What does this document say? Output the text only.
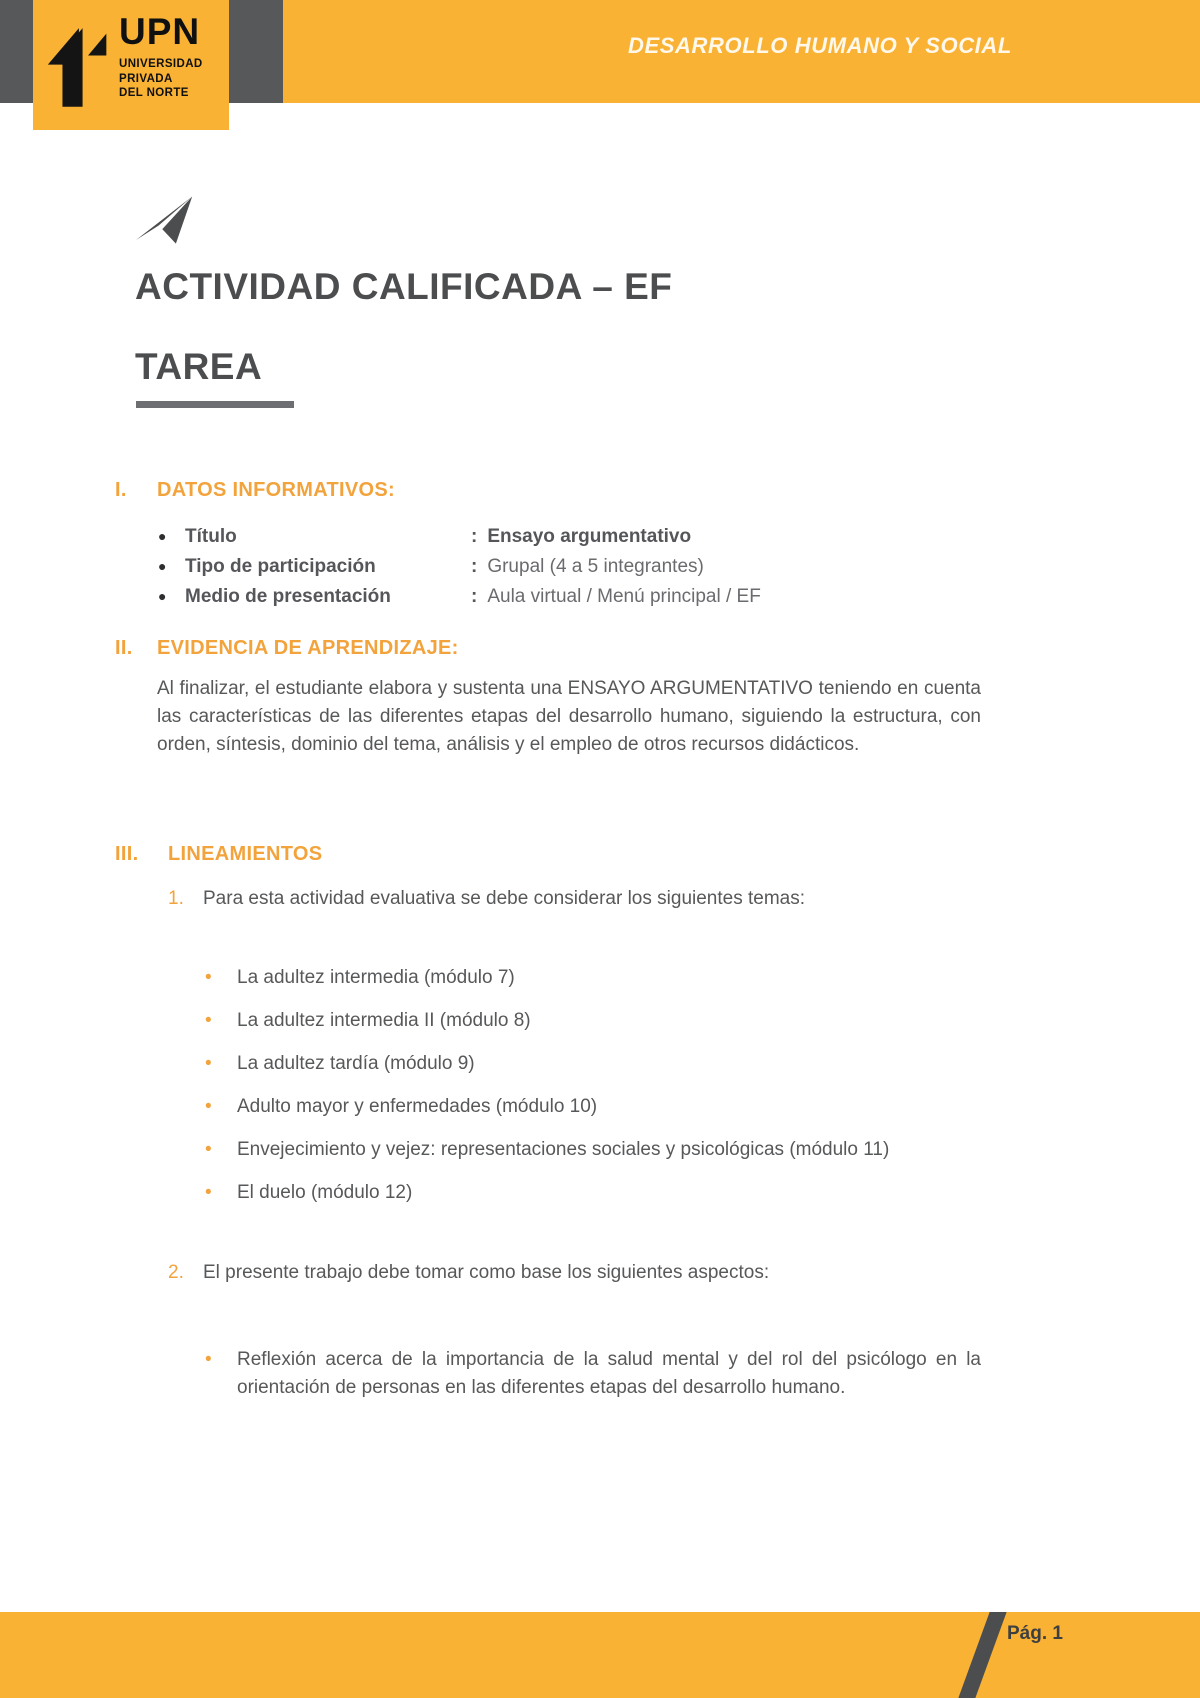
DESARROLLO HUMANO Y SOCIAL
UPN
UNIVERSIDAD
PRIVADA
DEL NORTE
ACTIVIDAD CALIFICADA – EF
TAREA
I.	DATOS INFORMATIVOS:
● Título	: Ensayo argumentativo
● Tipo de participación	: Grupal (4 a 5 integrantes)
● Medio de presentación	: Aula virtual / Menú principal / EF
II.	EVIDENCIA DE APRENDIZAJE:

Al finalizar, el estudiante elabora y sustenta una ENSAYO ARGUMENTATIVO teniendo en cuenta las características de las diferentes etapas del desarrollo humano, siguiendo la estructura, con orden, síntesis, dominio del tema, análisis y el empleo de otros recursos didácticos.

III.	LINEAMIENTOS
1.	Para esta actividad evaluativa se debe considerar los siguientes temas:
•	La adultez intermedia (módulo 7)
•	La adultez intermedia II (módulo 8)
•	La adultez tardía (módulo 9)
•	Adulto mayor y enfermedades (módulo 10)
•	Envejecimiento y vejez: representaciones sociales y psicológicas (módulo 11)
•	El duelo (módulo 12)
2.	El presente trabajo debe tomar como base los siguientes aspectos:
•	Reflexión acerca de la importancia de la salud mental y del rol del psicólogo en la orientación de personas en las diferentes etapas del desarrollo humano.
Pág. 1
